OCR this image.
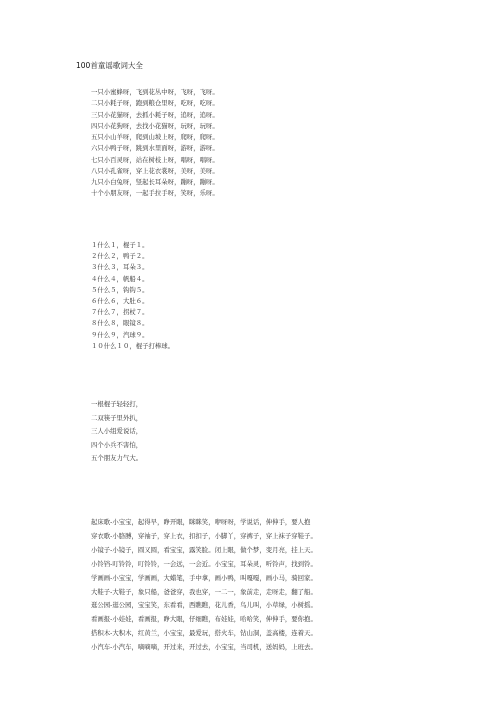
100首童谣歌词大全
一只小蜜蜂呀，飞到花丛中呀，飞呀，飞呀。
二只小耗子呀，跑到粮仓里呀，吃呀，吃呀。
三只小花猫呀，去抓小耗子呀，追呀，追呀。
四只小花狗呀，去找小花猫呀，玩呀，玩呀。
五只小山羊呀，爬到山坡上呀，爬呀，爬呀。
六只小鸭子呀，跳到水里面呀，游呀，游呀。
七只小百灵呀，站在树枝上呀，唱呀，唱呀。
八只小孔雀呀，穿上花衣裳呀，美呀，美呀。
九只小白兔呀，竖起长耳朵呀，蹦呀，蹦呀。
十个小朋友呀，一起手拉手呀，笑呀，乐呀。
１什么１，棍子１。
２什么２，鸭子２。
３什么３，耳朵３。
４什么４，帆船４。
５什么５，钩钩５。
６什么６，大肚６。
７什么７，拐杖７。
８什么８，眼镜８。
９什么９，汽球９。
１０什么１０，棍子打棒球。
一根棍子轻轻打，
二双筷子里外扒，
三人小组爱说话，
四个小兵不害怕，
五个朋友力气大。
起床歌-小宝宝，起得早，睁开眼，眯眯笑，咿呀呀，学说话，伸伸手，要人抱
穿衣歌-小胳膊，穿袖子，穿上衣，扣扣子，小脚丫，穿裤子，穿上袜子穿鞋子。
小镜子-小镜子，圆又圆，看宝宝，露笑脸。闭上眼，做个梦，变月亮，挂上天。
小铃铛-叮铃铃，叮铃铃，一会远，一会近。小宝宝，耳朵灵，听铃声，找到铃。
学画画-小宝宝，学画画，大蜡笔，手中拿，画小鸭，叫嘎嘎，画小马，骑回家。
大鞋子-大鞋子，象只船，爸爸穿，我也穿，一二一，象前走，走呀走，翻了船。
逛公园-逛公园，宝宝笑，东看看，西瞧瞧，花儿香，鸟儿叫，小草绿，小树摇。
看画报-小娃娃，看画报，睁大眼，仔细瞧，布娃娃，哈哈笑，伸伸手，要你抱。
搭积木-大积木，红黄兰，小宝宝，最爱玩，搭火车，钻山洞，盖高楼，连着天。
小汽车-小汽车，嘀嘀嘀，开过来，开过去，小宝宝，当司机，送妈妈，上班去。
